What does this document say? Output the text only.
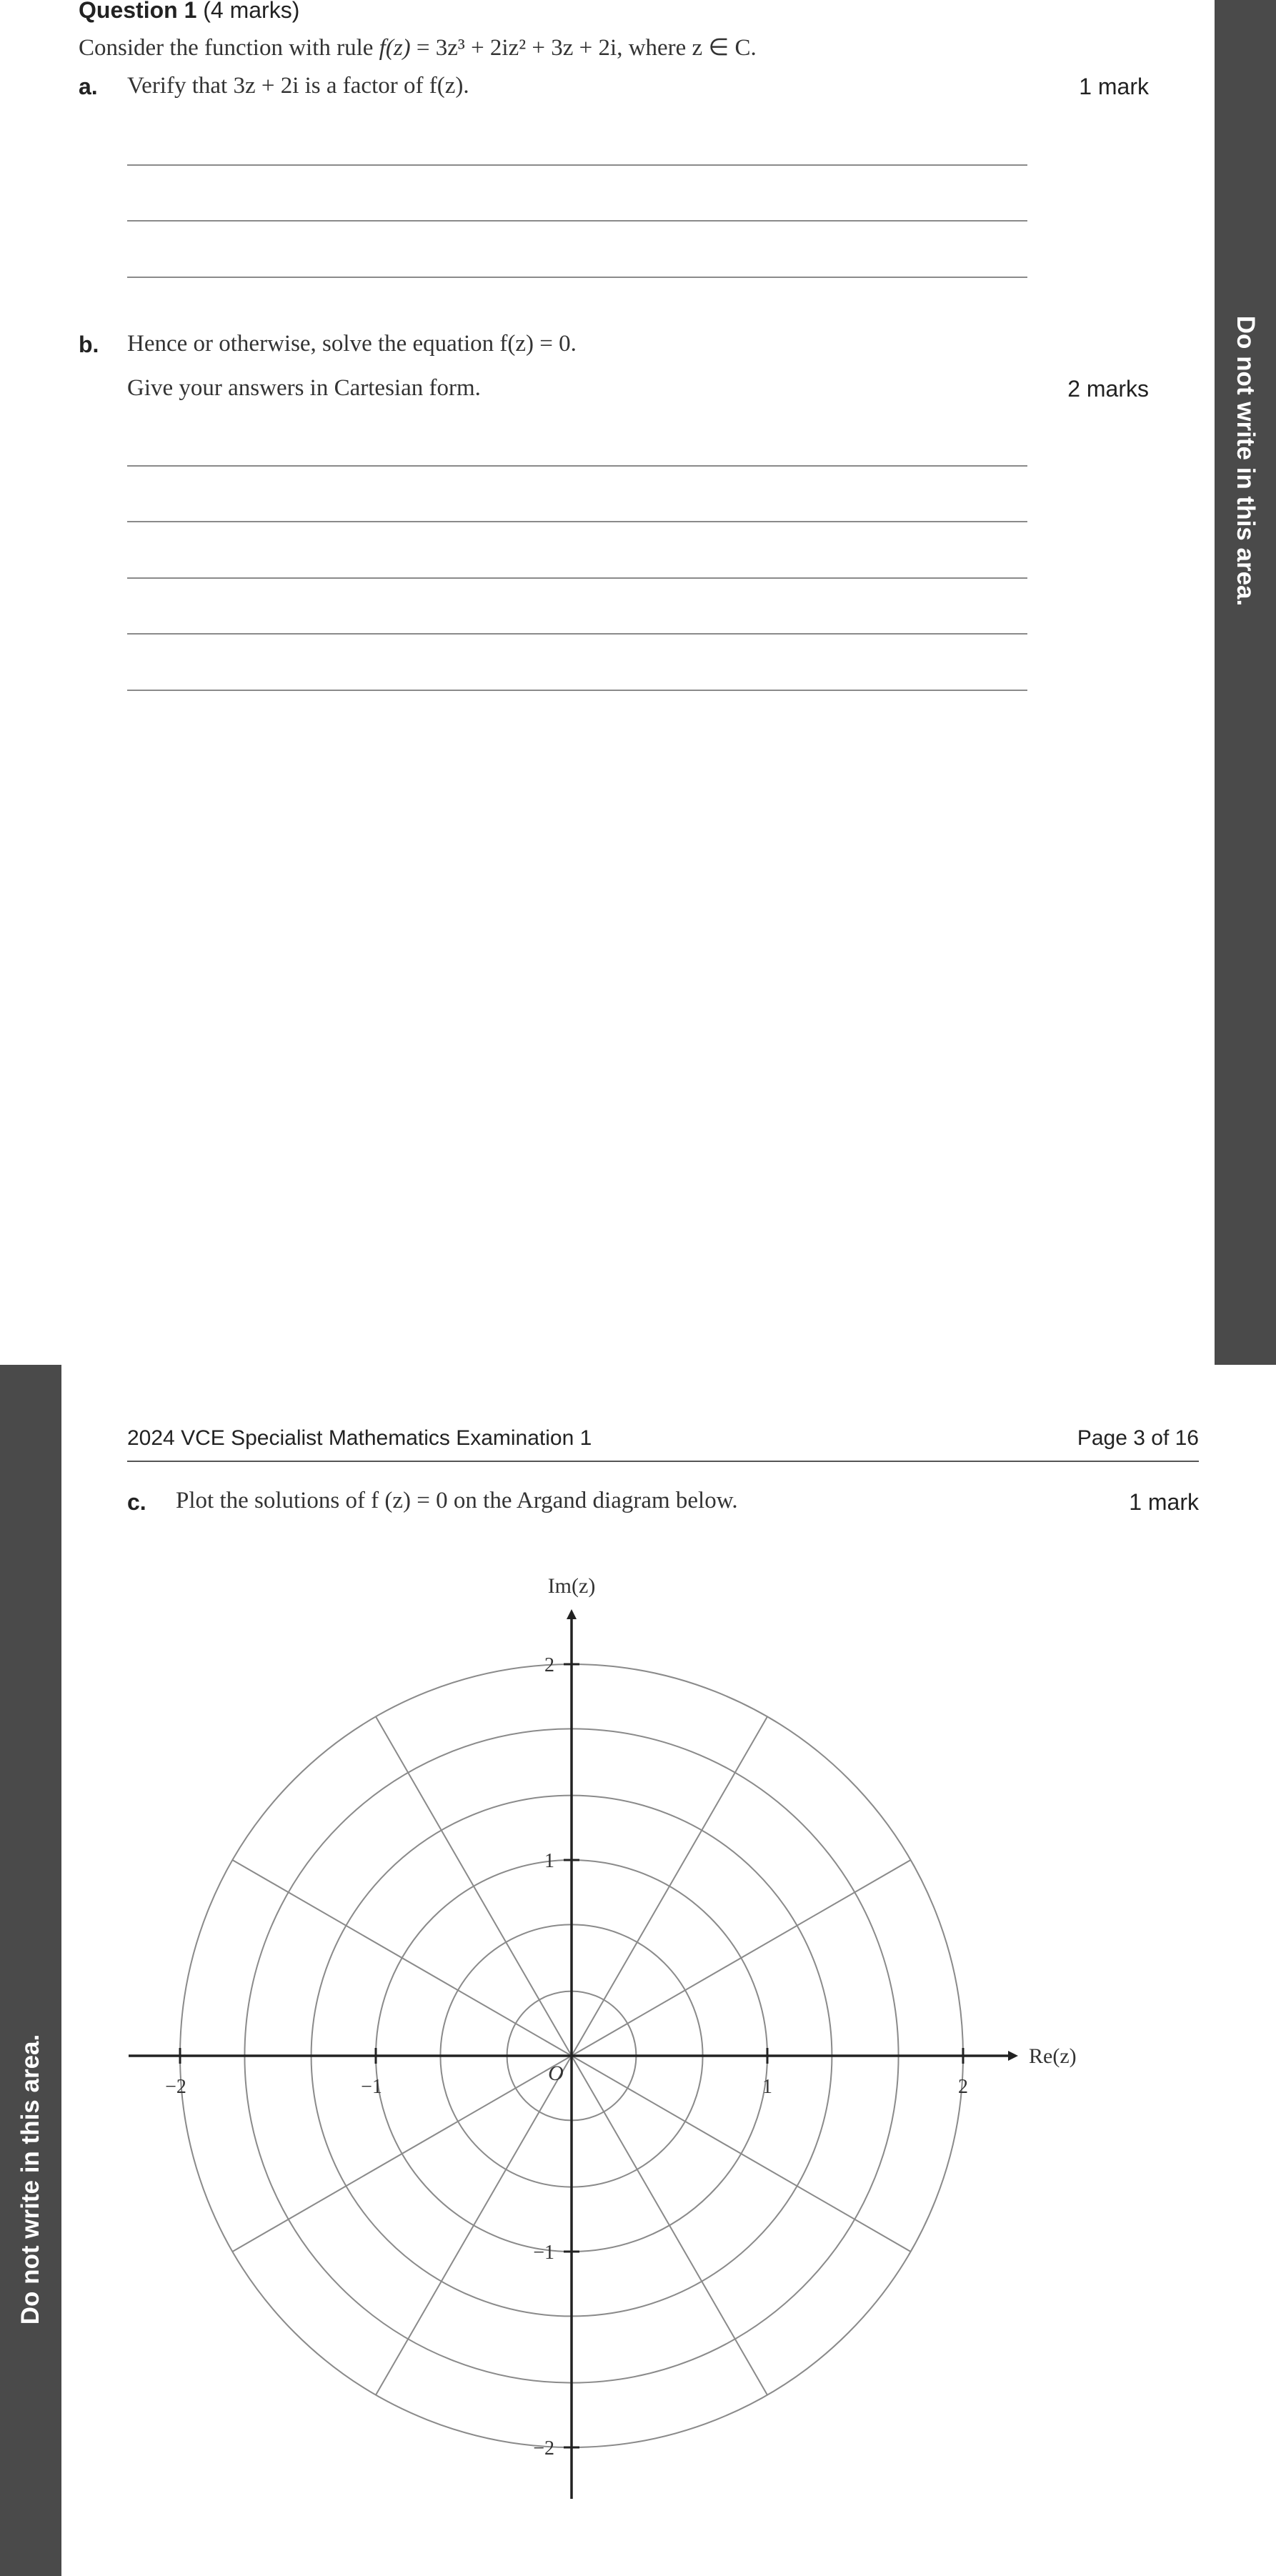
Do not write in this area.
Do not write in this area.
Question 1 (4 marks)
Consider the function with rule f(z) = 3z³ + 2iz² + 3z + 2i, where z ∈ C.
a. Verify that 3z + 2i is a factor of f(z).	1 mark
b. Hence or otherwise, solve the equation f(z) = 0.
Give your answers in Cartesian form.	2 marks
2024 VCE Specialist Mathematics Examination 1	Page 3 of 16
c. Plot the solutions of f (z) = 0 on the Argand diagram below.	1 mark
−2	−1	1	2
2
1
−1
−2
Re(z)
Im(z)
O
